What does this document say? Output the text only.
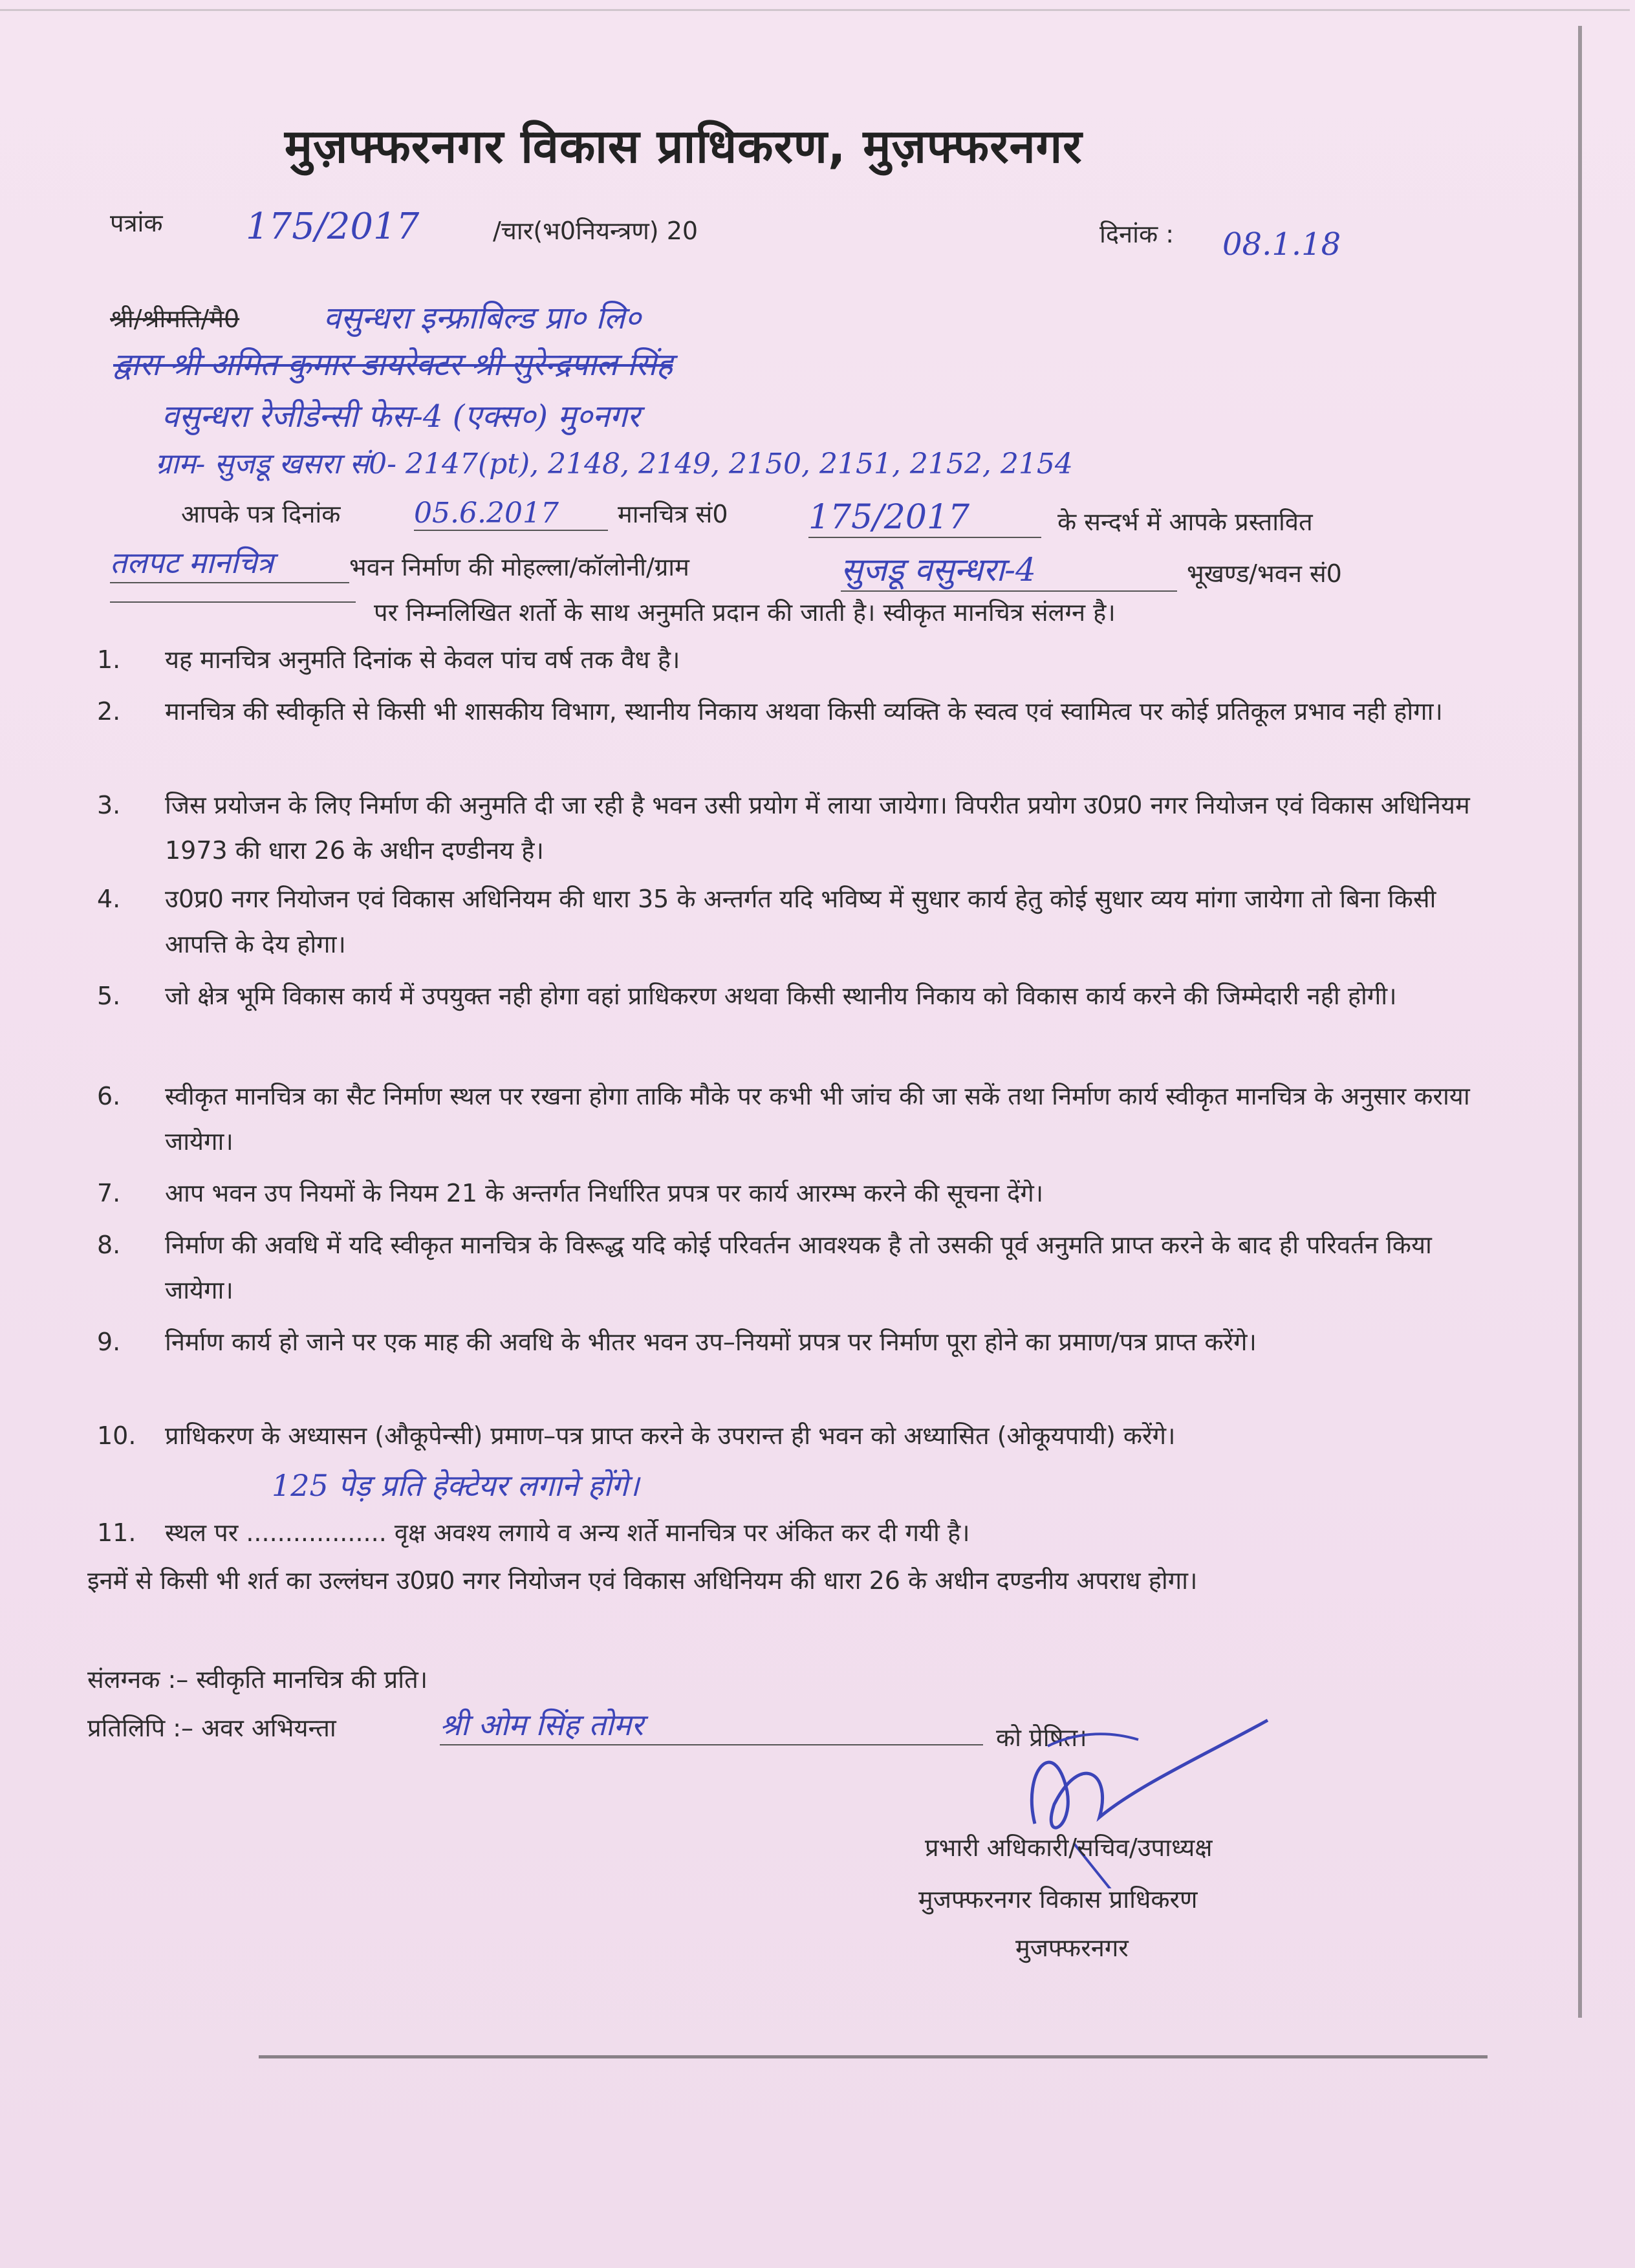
मुज़फ्फरनगर विकास प्राधिकरण, मुज़फ्फरनगर
पत्रांक 175/2017	/चार(भ0नियन्त्रण) 20	दिनांक : 08.1.18
श्री/श्रीमति/मै0	वसुन्धरा इन्फ्राबिल्ड प्रा० लि०
द्वारा श्री अमित कुमार डायरेक्टर श्री सुरेन्द्रपाल सिंह
वसुन्धरा रेजीडेन्सी फेस-4 (एक्स०) मु०नगर
ग्राम- सुजडू खसरा सं0- 2147(pt), 2148, 2149, 2150, 2151, 2152, 2154
आपके पत्र दिनांक	05.6.2017	मानचित्र सं0 175/2017	के सन्दर्भ में आपके प्रस्तावित
तलपट मानचित्र	भवन निर्माण की मोहल्ला/कॉलोनी/ग्राम	सुजडू वसुन्धरा-4	भूखण्ड/भवन सं0
पर निम्नलिखित शर्तो के साथ अनुमति प्रदान की जाती है। स्वीकृत मानचित्र संलग्न है।
1.	यह मानचित्र अनुमति दिनांक से केवल पांच वर्ष तक वैध है।
2.	मानचित्र की स्वीकृति से किसी भी शासकीय विभाग, स्थानीय निकाय अथवा किसी व्यक्ति के स्वत्व एवं स्वामित्व पर कोई प्रतिकूल प्रभाव नही होगा।
3.	जिस प्रयोजन के लिए निर्माण की अनुमति दी जा रही है भवन उसी प्रयोग में लाया जायेगा। विपरीत प्रयोग उ0प्र0 नगर नियोजन एवं विकास अधिनियम 1973 की धारा 26 के अधीन दण्डीनय है।
4.	उ0प्र0 नगर नियोजन एवं विकास अधिनियम की धारा 35 के अन्तर्गत यदि भविष्य में सुधार कार्य हेतु कोई सुधार व्यय मांगा जायेगा तो बिना किसी आपत्ति के देय होगा।
5.	जो क्षेत्र भूमि विकास कार्य में उपयुक्त नही होगा वहां प्राधिकरण अथवा किसी स्थानीय निकाय को विकास कार्य करने की जिम्मेदारी नही होगी।
6.	स्वीकृत मानचित्र का सैट निर्माण स्थल पर रखना होगा ताकि मौके पर कभी भी जांच की जा सकें तथा निर्माण कार्य स्वीकृत मानचित्र के अनुसार कराया जायेगा।
7.	आप भवन उप नियमों के नियम 21 के अन्तर्गत निर्धारित प्रपत्र पर कार्य आरम्भ करने की सूचना देंगे।
8.	निर्माण की अवधि में यदि स्वीकृत मानचित्र के विरूद्ध यदि कोई परिवर्तन आवश्यक है तो उसकी पूर्व अनुमति प्राप्त करने के बाद ही परिवर्तन किया जायेगा।
9.	निर्माण कार्य हो जाने पर एक माह की अवधि के भीतर भवन उप–नियमों प्रपत्र पर निर्माण पूरा होने का प्रमाण/पत्र प्राप्त करेंगे।
10.	प्राधिकरण के अध्यासन (औकूपेन्सी) प्रमाण–पत्र प्राप्त करने के उपरान्त ही भवन को अध्यासित (ओकूयपायी) करेंगे।
125 पेड़ प्रति हेक्टेयर लगाने होंगे।
11.	स्थल पर .................. वृक्ष अवश्य लगाये व अन्य शर्ते मानचित्र पर अंकित कर दी गयी है।
इनमें से किसी भी शर्त का उल्लंघन उ0प्र0 नगर नियोजन एवं विकास अधिनियम की धारा 26 के अधीन दण्डनीय अपराध होगा।
संलग्नक :– स्वीकृति मानचित्र की प्रति।
प्रतिलिपि :– अवर अभियन्ता	श्री ओम सिंह तोमर	को प्रेषित।
प्रभारी अधिकारी/सचिव/उपाध्यक्ष
मुजफ्फरनगर विकास प्राधिकरण
मुजफ्फरनगर
